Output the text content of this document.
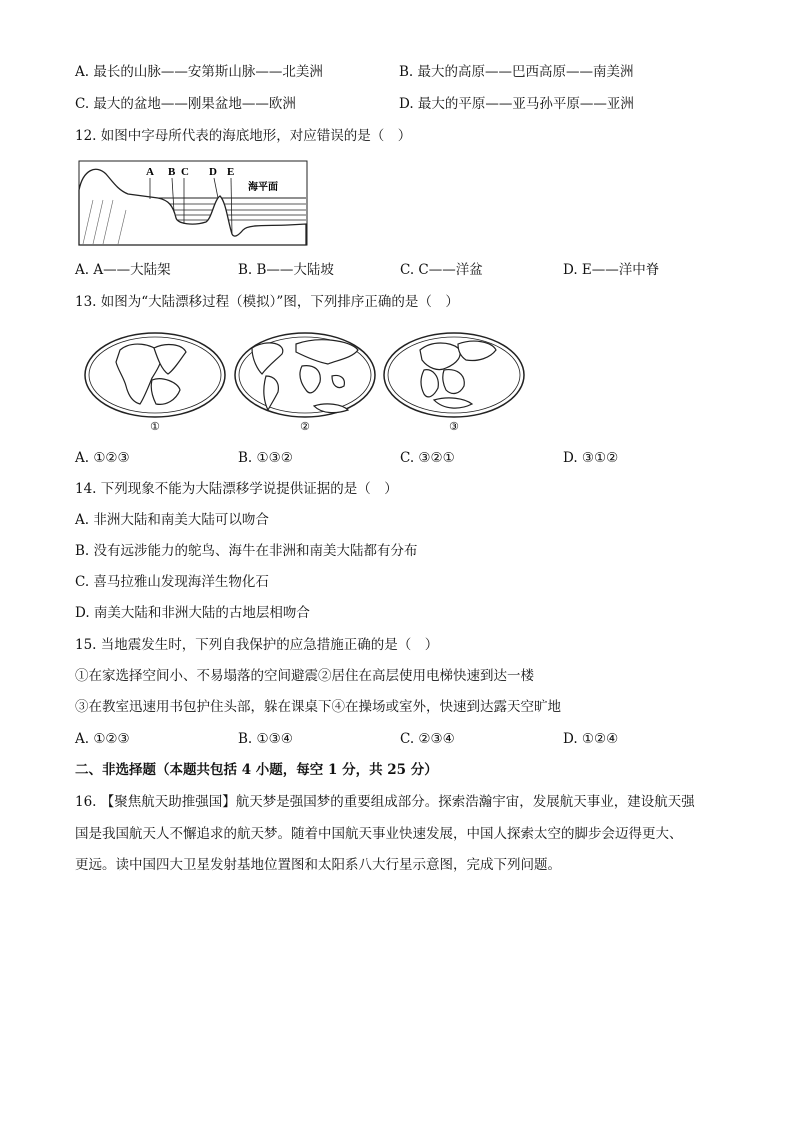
A. 最长的山脉——安第斯山脉——北美洲	B. 最大的高原——巴西高原——南美洲
C. 最大的盆地——刚果盆地——欧洲	D. 最大的平原——亚马孙平原——亚洲
12. 如图中字母所代表的海底地形，对应错误的是（　）
A B C D E
海平面
A. A——大陆架	B. B——大陆坡	C. C——洋盆	D. E——洋中脊
13. 如图为“大陆漂移过程（模拟）”图，下列排序正确的是（　）
①	②	③
A. ①②③	B. ①③②	C. ③②①	D. ③①②
14. 下列现象不能为大陆漂移学说提供证据的是（　）
A. 非洲大陆和南美大陆可以吻合
B. 没有远涉能力的鸵鸟、海牛在非洲和南美大陆都有分布
C. 喜马拉雅山发现海洋生物化石
D. 南美大陆和非洲大陆的古地层相吻合
15. 当地震发生时，下列自我保护的应急措施正确的是（　）
①在家选择空间小、不易塌落的空间避震②居住在高层使用电梯快速到达一楼
③在教室迅速用书包护住头部，躲在课桌下④在操场或室外，快速到达露天空旷地
A. ①②③	B. ①③④	C. ②③④	D. ①②④
二、非选择题（本题共包括 4 小题，每空 1 分，共 25 分）
16. 【聚焦航天助推强国】航天梦是强国梦的重要组成部分。探索浩瀚宇宙，发展航天事业，建设航天强
国是我国航天人不懈追求的航天梦。随着中国航天事业快速发展，中国人探索太空的脚步会迈得更大、
更远。读中国四大卫星发射基地位置图和太阳系八大行星示意图，完成下列问题。
